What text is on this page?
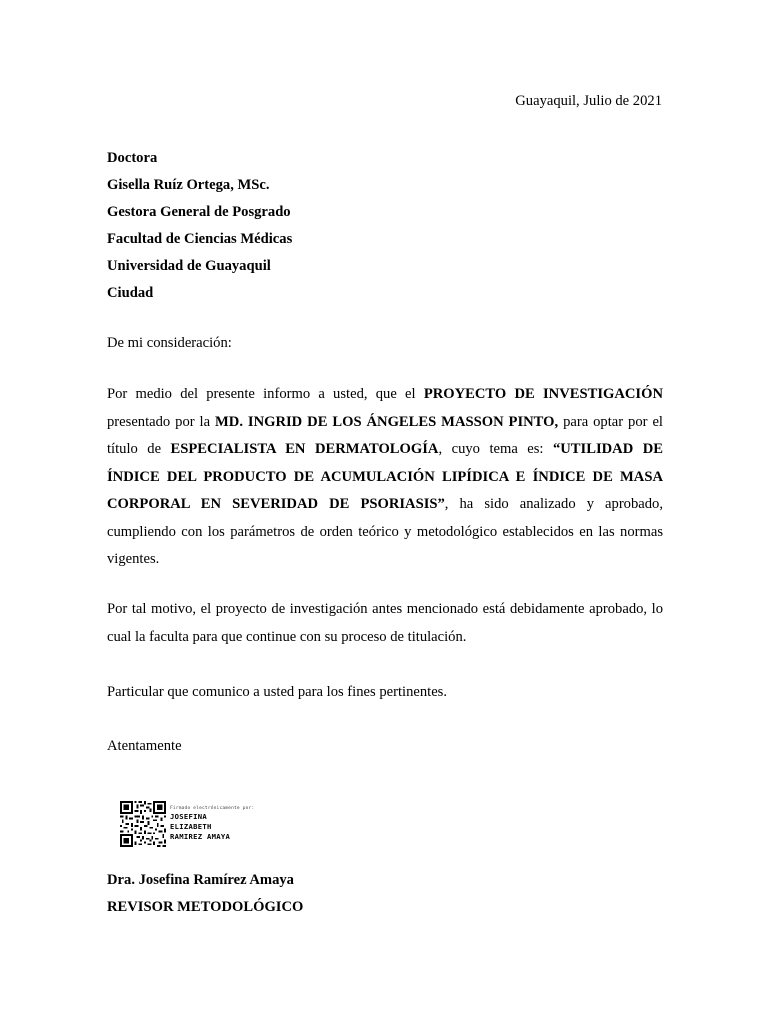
Guayaquil, Julio de 2021
Doctora
Gisella Ruíz Ortega, MSc.
Gestora General de Posgrado
Facultad de Ciencias Médicas
Universidad de Guayaquil
Ciudad
De mi consideración:
Por medio del presente informo a usted, que el PROYECTO DE INVESTIGACIÓN presentado por la MD. INGRID DE LOS ÁNGELES MASSON PINTO, para optar por el título de ESPECIALISTA EN DERMATOLOGÍA, cuyo tema es: “UTILIDAD DE ÍNDICE DEL PRODUCTO DE ACUMULACIÓN LIPÍDICA E ÍNDICE DE MASA CORPORAL EN SEVERIDAD DE PSORIASIS”, ha sido analizado y aprobado, cumpliendo con los parámetros de orden teórico y metodológico establecidos en las normas vigentes.
Por tal motivo, el proyecto de investigación antes mencionado está debidamente aprobado, lo cual la faculta para que continue con su proceso de titulación.
Particular que comunico a usted para los fines pertinentes.
Atentamente
Firmado electrónicamente por:
JOSEFINA
ELIZABETH
RAMIREZ AMAYA
Dra. Josefina Ramírez Amaya
REVISOR METODOLÓGICO
